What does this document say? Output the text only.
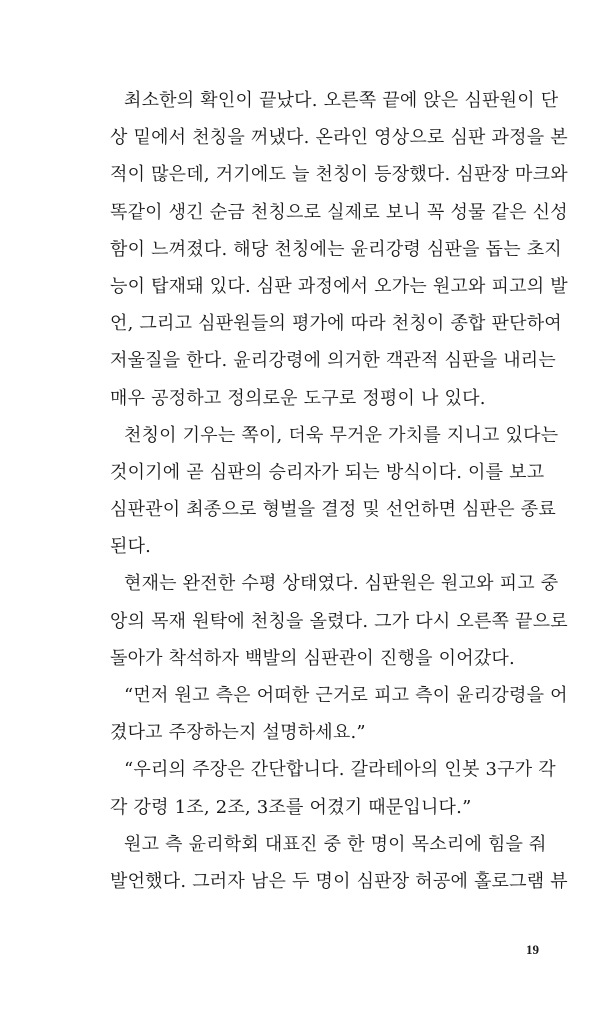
최소한의 확인이 끝났다. 오른쪽 끝에 앉은 심판원이 단
상 밑에서 천칭을 꺼냈다. 온라인 영상으로 심판 과정을 본
적이 많은데, 거기에도 늘 천칭이 등장했다. 심판장 마크와
똑같이 생긴 순금 천칭으로 실제로 보니 꼭 성물 같은 신성
함이 느껴졌다. 해당 천칭에는 윤리강령 심판을 돕는 초지
능이 탑재돼 있다. 심판 과정에서 오가는 원고와 피고의 발
언, 그리고 심판원들의 평가에 따라 천칭이 종합 판단하여
저울질을 한다. 윤리강령에 의거한 객관적 심판을 내리는
매우 공정하고 정의로운 도구로 정평이 나 있다.
천칭이 기우는 쪽이, 더욱 무거운 가치를 지니고 있다는
것이기에 곧 심판의 승리자가 되는 방식이다. 이를 보고
심판관이 최종으로 형벌을 결정 및 선언하면 심판은 종료
된다.
현재는 완전한 수평 상태였다. 심판원은 원고와 피고 중
앙의 목재 원탁에 천칭을 올렸다. 그가 다시 오른쪽 끝으로
돌아가 착석하자 백발의 심판관이 진행을 이어갔다.
“먼저 원고 측은 어떠한 근거로 피고 측이 윤리강령을 어
겼다고 주장하는지 설명하세요.”
“우리의 주장은 간단합니다. 갈라테아의 인봇 3구가 각
각 강령 1조, 2조, 3조를 어겼기 때문입니다.”
원고 측 윤리학회 대표진 중 한 명이 목소리에 힘을 줘
발언했다. 그러자 남은 두 명이 심판장 허공에 홀로그램 뷰
19
